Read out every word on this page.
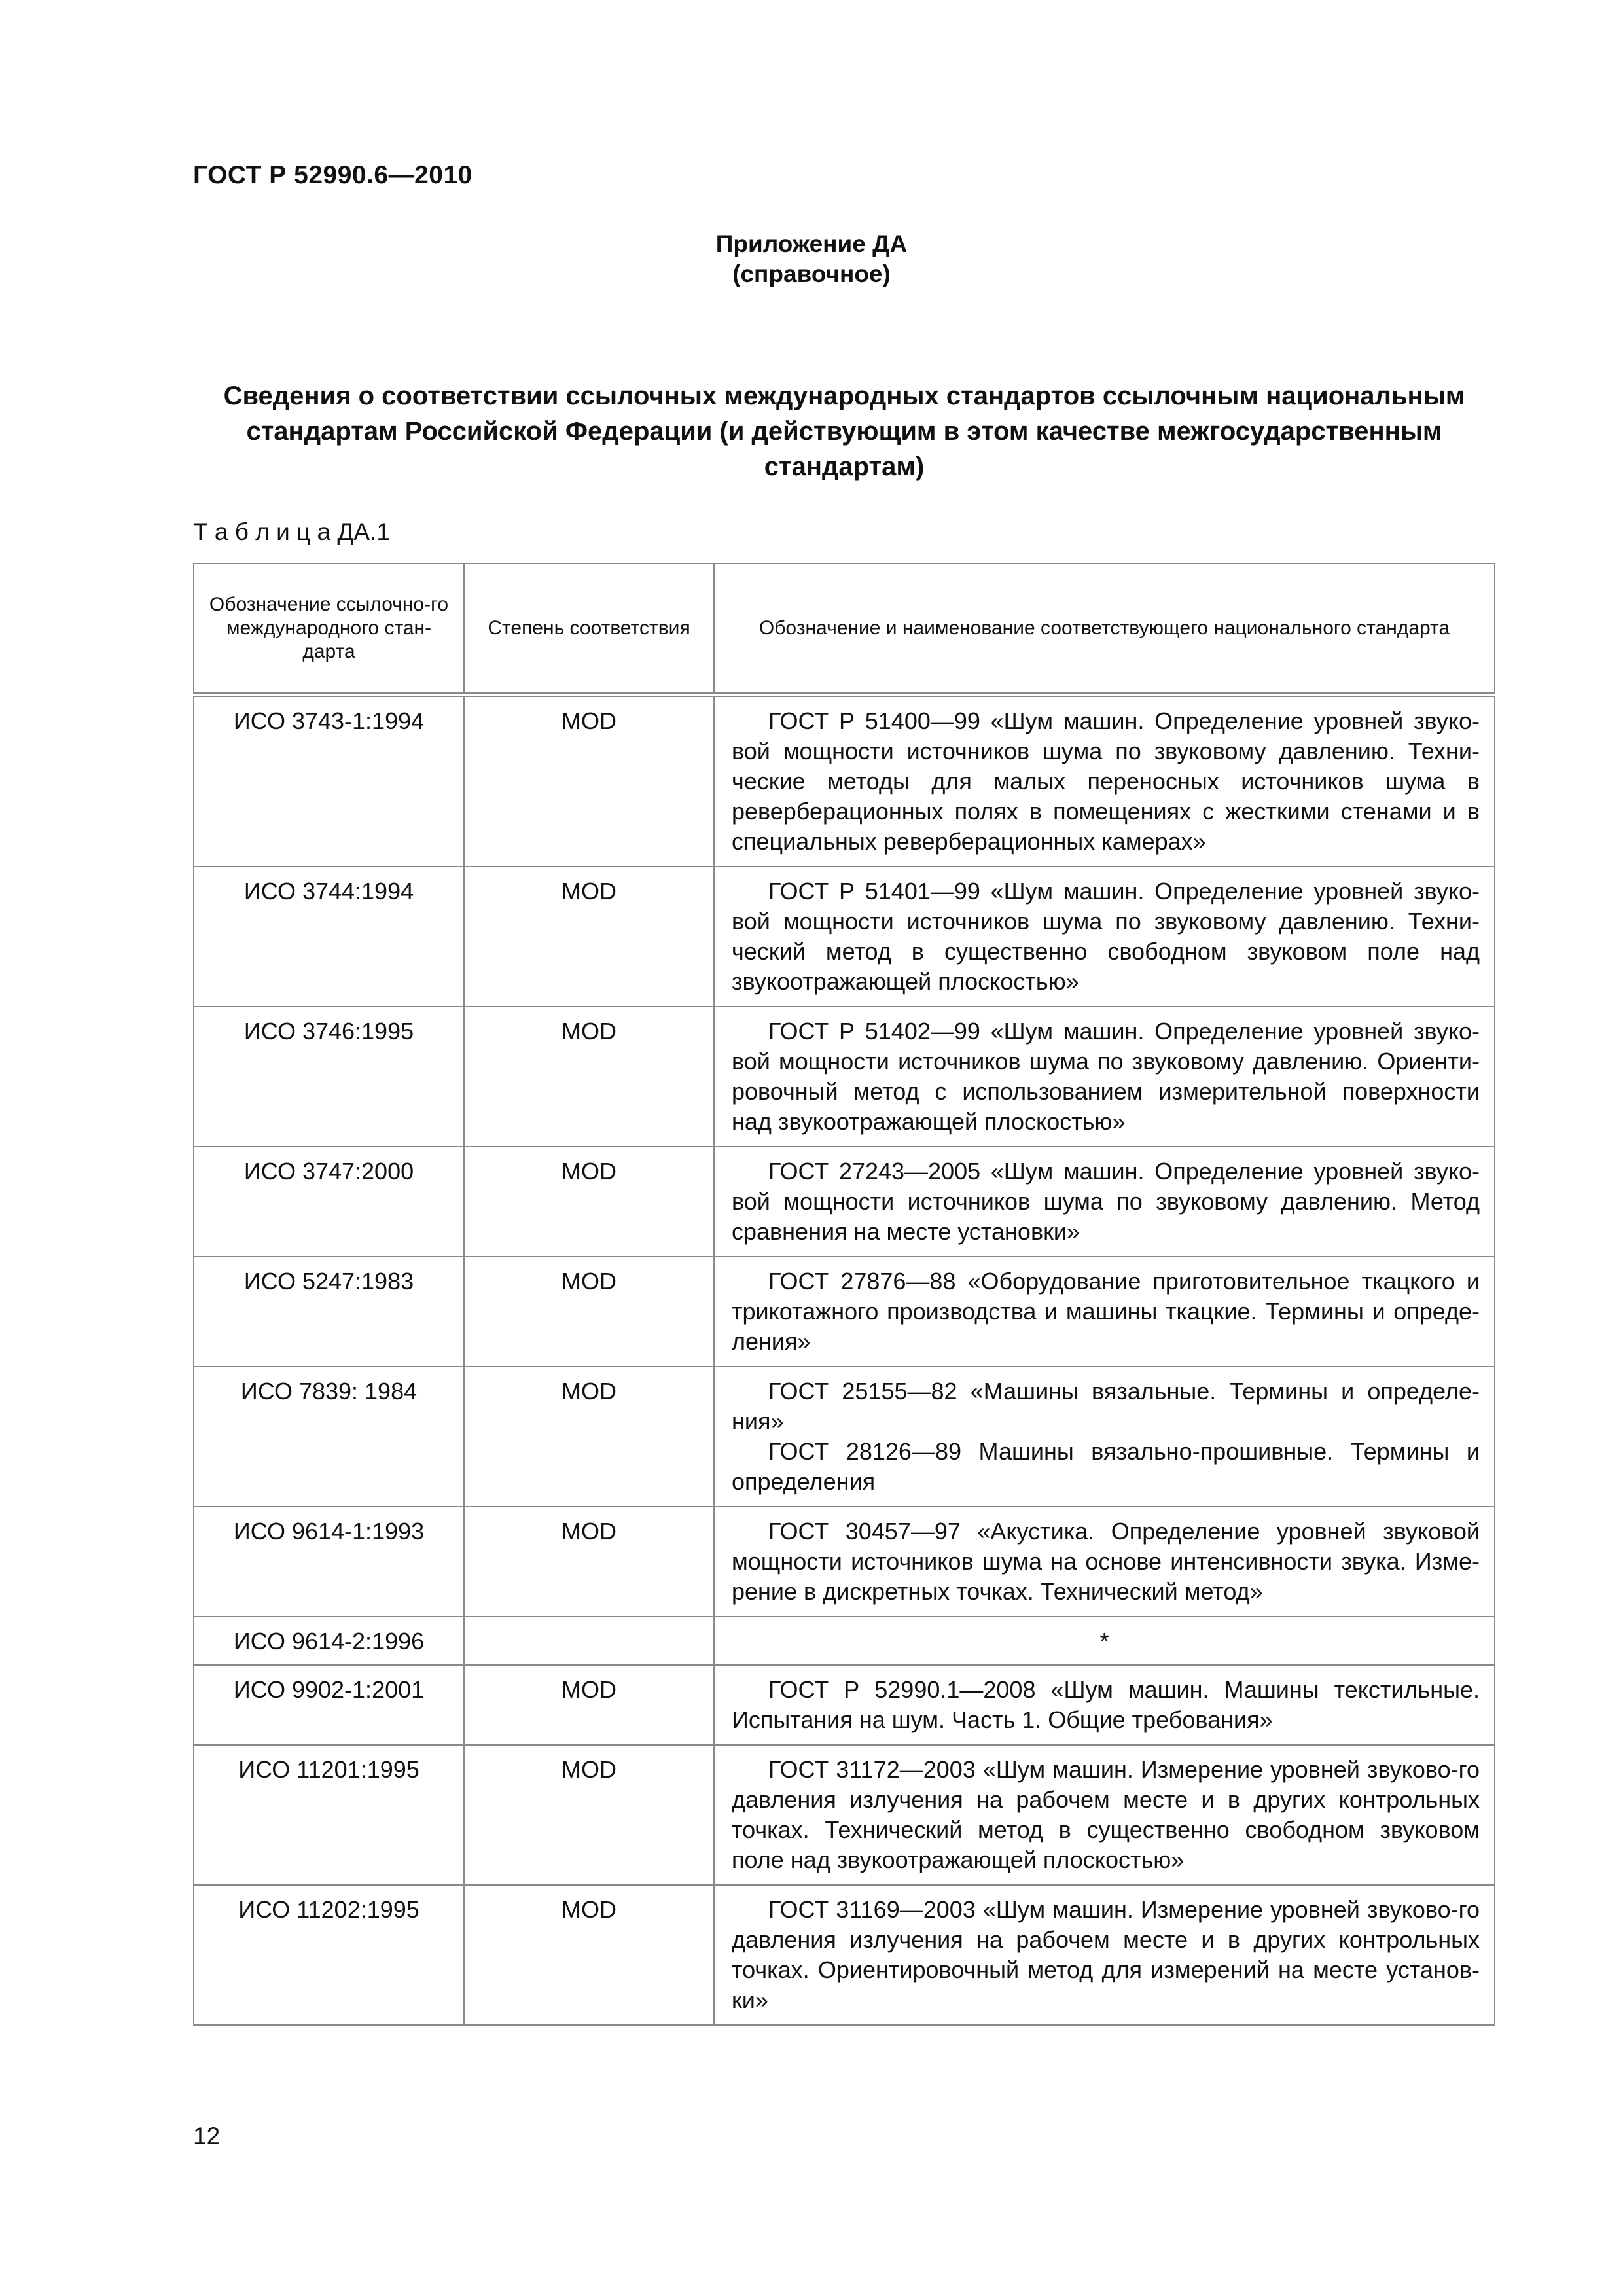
ГОСТ Р 52990.6—2010
Приложение ДА
(справочное)
Сведения о соответствии ссылочных международных стандартов ссылочным национальным стандартам Российской Федерации (и действующим в этом качестве межгосударственным стандартам)
Т а б л и ц а ДА.1
Обозначение ссылочно-го международного стан-дарта	Степень соответствия	Обозначение и наименование соответствующего национального стандарта
ИСО 3743-1:1994	MOD	ГОСТ Р 51400—99 «Шум машин. Определение уровней звуко-вой мощности источников шума по звуковому давлению. Техни-ческие методы для малых переносных источников шума в реверберационных полях в помещениях с жесткими стенами и в специальных реверберационных камерах»

ИСО 3744:1994	MOD	ГОСТ Р 51401—99 «Шум машин. Определение уровней звуко-вой мощности источников шума по звуковому давлению. Техни-ческий метод в существенно свободном звуковом поле над звукоотражающей плоскостью»

ИСО 3746:1995	MOD	ГОСТ Р 51402—99 «Шум машин. Определение уровней звуко-вой мощности источников шума по звуковому давлению. Ориенти-ровочный метод с использованием измерительной поверхности над звукоотражающей плоскостью»

ИСО 3747:2000	MOD	ГОСТ 27243—2005 «Шум машин. Определение уровней звуко-вой мощности источников шума по звуковому давлению. Метод сравнения на месте установки»

ИСО 5247:1983	MOD	ГОСТ 27876—88 «Оборудование приготовительное ткацкого и трикотажного производства и машины ткацкие. Термины и опреде-ления»

ИСО 7839: 1984	MOD	ГОСТ 25155—82 «Машины вязальные. Термины и определе-ния»

ГОСТ 28126—89 Машины вязально-прошивные. Термины и определения

ИСО 9614-1:1993	MOD	ГОСТ 30457—97 «Акустика. Определение уровней звуковой мощности источников шума на основе интенсивности звука. Изме-рение в дискретных точках. Технический метод»

ИСО 9614-2:1996		*
ИСО 9902-1:2001	MOD	ГОСТ Р 52990.1—2008 «Шум машин. Машины текстильные. Испытания на шум. Часть 1. Общие требования»

ИСО 11201:1995	MOD	ГОСТ 31172—2003 «Шум машин. Измерение уровней звуково-го давления излучения на рабочем месте и в других контрольных точках. Технический метод в существенно свободном звуковом поле над звукоотражающей плоскостью»

ИСО 11202:1995	MOD	ГОСТ 31169—2003 «Шум машин. Измерение уровней звуково-го давления излучения на рабочем месте и в других контрольных точках. Ориентировочный метод для измерений на месте установ-ки»

12
